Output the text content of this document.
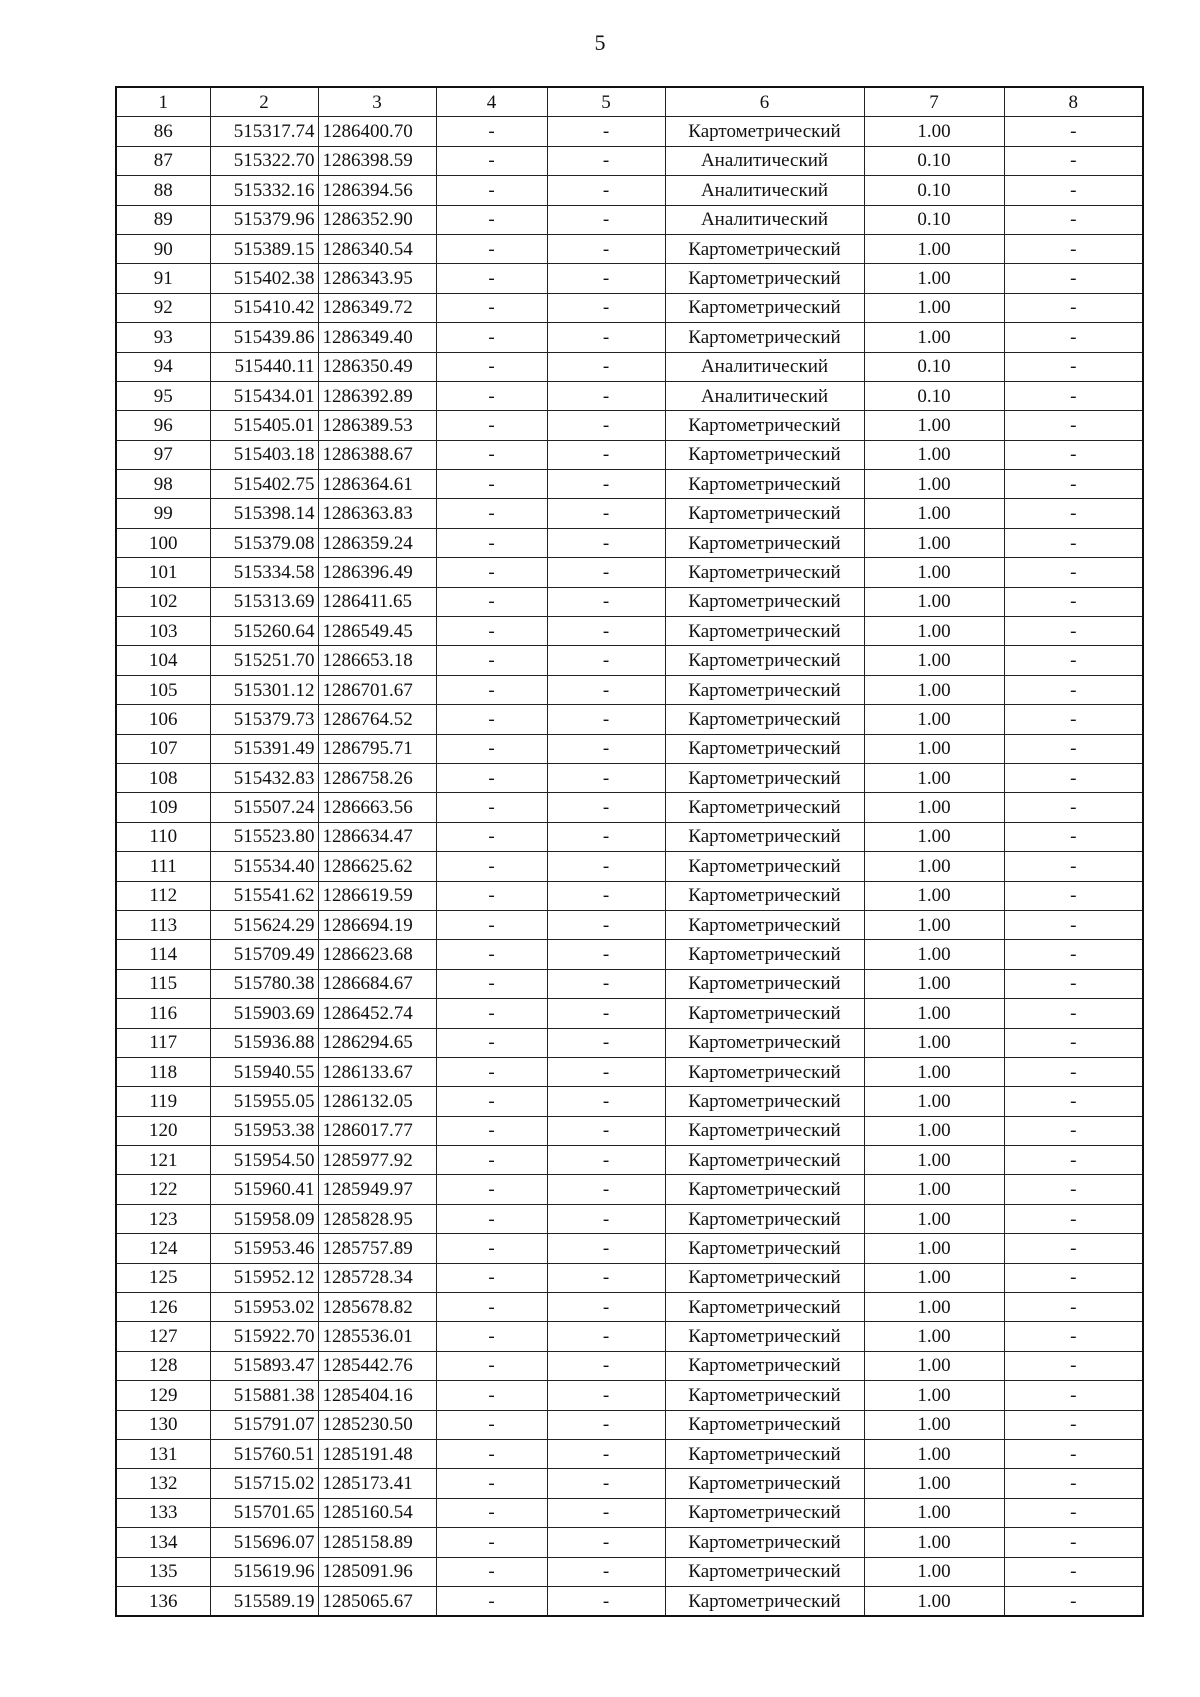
5
1	2	3	4	5	6	7	8
86	515317.74	1286400.70	-	-	Картометрический	1.00	-
87	515322.70	1286398.59	-	-	Аналитический	0.10	-
88	515332.16	1286394.56	-	-	Аналитический	0.10	-
89	515379.96	1286352.90	-	-	Аналитический	0.10	-
90	515389.15	1286340.54	-	-	Картометрический	1.00	-
91	515402.38	1286343.95	-	-	Картометрический	1.00	-
92	515410.42	1286349.72	-	-	Картометрический	1.00	-
93	515439.86	1286349.40	-	-	Картометрический	1.00	-
94	515440.11	1286350.49	-	-	Аналитический	0.10	-
95	515434.01	1286392.89	-	-	Аналитический	0.10	-
96	515405.01	1286389.53	-	-	Картометрический	1.00	-
97	515403.18	1286388.67	-	-	Картометрический	1.00	-
98	515402.75	1286364.61	-	-	Картометрический	1.00	-
99	515398.14	1286363.83	-	-	Картометрический	1.00	-
100	515379.08	1286359.24	-	-	Картометрический	1.00	-
101	515334.58	1286396.49	-	-	Картометрический	1.00	-
102	515313.69	1286411.65	-	-	Картометрический	1.00	-
103	515260.64	1286549.45	-	-	Картометрический	1.00	-
104	515251.70	1286653.18	-	-	Картометрический	1.00	-
105	515301.12	1286701.67	-	-	Картометрический	1.00	-
106	515379.73	1286764.52	-	-	Картометрический	1.00	-
107	515391.49	1286795.71	-	-	Картометрический	1.00	-
108	515432.83	1286758.26	-	-	Картометрический	1.00	-
109	515507.24	1286663.56	-	-	Картометрический	1.00	-
110	515523.80	1286634.47	-	-	Картометрический	1.00	-
111	515534.40	1286625.62	-	-	Картометрический	1.00	-
112	515541.62	1286619.59	-	-	Картометрический	1.00	-
113	515624.29	1286694.19	-	-	Картометрический	1.00	-
114	515709.49	1286623.68	-	-	Картометрический	1.00	-
115	515780.38	1286684.67	-	-	Картометрический	1.00	-
116	515903.69	1286452.74	-	-	Картометрический	1.00	-
117	515936.88	1286294.65	-	-	Картометрический	1.00	-
118	515940.55	1286133.67	-	-	Картометрический	1.00	-
119	515955.05	1286132.05	-	-	Картометрический	1.00	-
120	515953.38	1286017.77	-	-	Картометрический	1.00	-
121	515954.50	1285977.92	-	-	Картометрический	1.00	-
122	515960.41	1285949.97	-	-	Картометрический	1.00	-
123	515958.09	1285828.95	-	-	Картометрический	1.00	-
124	515953.46	1285757.89	-	-	Картометрический	1.00	-
125	515952.12	1285728.34	-	-	Картометрический	1.00	-
126	515953.02	1285678.82	-	-	Картометрический	1.00	-
127	515922.70	1285536.01	-	-	Картометрический	1.00	-
128	515893.47	1285442.76	-	-	Картометрический	1.00	-
129	515881.38	1285404.16	-	-	Картометрический	1.00	-
130	515791.07	1285230.50	-	-	Картометрический	1.00	-
131	515760.51	1285191.48	-	-	Картометрический	1.00	-
132	515715.02	1285173.41	-	-	Картометрический	1.00	-
133	515701.65	1285160.54	-	-	Картометрический	1.00	-
134	515696.07	1285158.89	-	-	Картометрический	1.00	-
135	515619.96	1285091.96	-	-	Картометрический	1.00	-
136	515589.19	1285065.67	-	-	Картометрический	1.00	-
